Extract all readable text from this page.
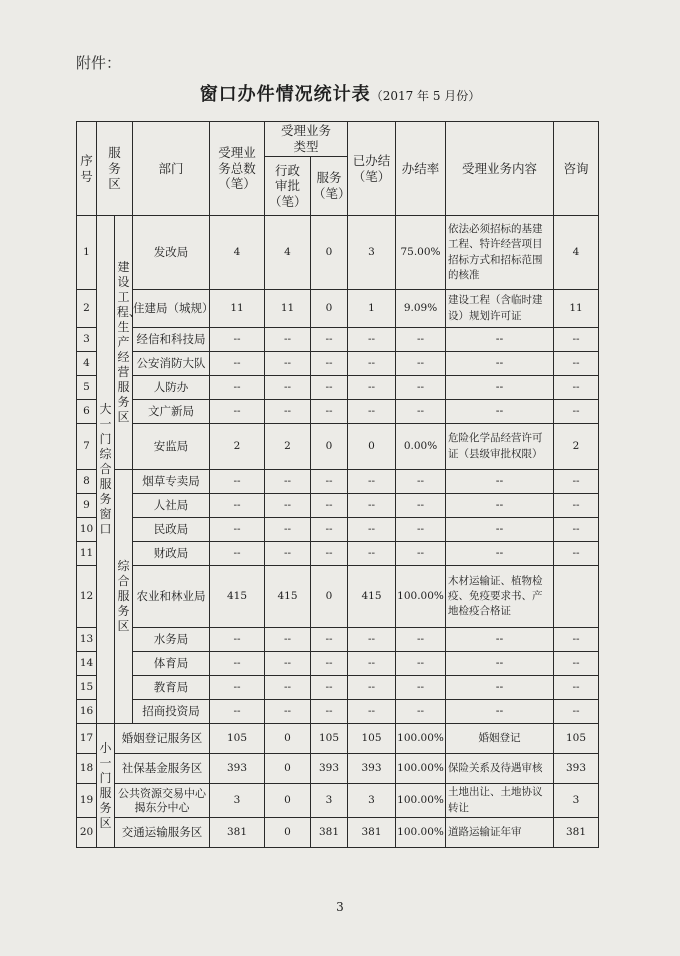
附件：
窗口办件情况统计表（2017 年 5 月份）
序号	服务区		部门	受理业务总数（笔）	受理业务类型		已办结（笔）	办结率	受理业务内容	咨询
					行政审批（笔）	服务（笔）				
1	大一门综合服务窗口	建设工程、生产经营服务区	发改局	4	4	0	3	75.00%	依法必须招标的基建工程、特许经营项目招标方式和招标范围的核准	4
2			住建局（城规）	11	11	0	1	9.09%	建设工程（含临时建设）规划许可证	11
3			经信和科技局	--	--	--	--	--	--	--
4			公安消防大队	--	--	--	--	--	--	--
5			人防办	--	--	--	--	--	--	--
6			文广新局	--	--	--	--	--	--	--
7			安监局	2	2	0	0	0.00%	危险化学品经营许可证（县级审批权限）	2
8		综合服务区	烟草专卖局	--	--	--	--	--	--	--
9			人社局	--	--	--	--	--	--	--
10			民政局	--	--	--	--	--	--	--
11			财政局	--	--	--	--	--	--	--
12			农业和林业局	415	415	0	415	100.00%	木材运输证、植物检疫、免疫要求书、产地检疫合格证	
13			水务局	--	--	--	--	--	--	--
14			体育局	--	--	--	--	--	--	--
15			教育局	--	--	--	--	--	--	--
16			招商投资局	--	--	--	--	--	--	--
17	小一门服务区	婚姻登记服务区		105	0	105	105	100.00%	婚姻登记	105
18		社保基金服务区		393	0	393	393	100.00%	保险关系及待遇审核	393
19		公共资源交易中心揭东分中心		3	0	3	3	100.00%	土地出让、土地协议转让	3
20		交通运输服务区		381	0	381	381	100.00%	道路运输证年审	381
3
